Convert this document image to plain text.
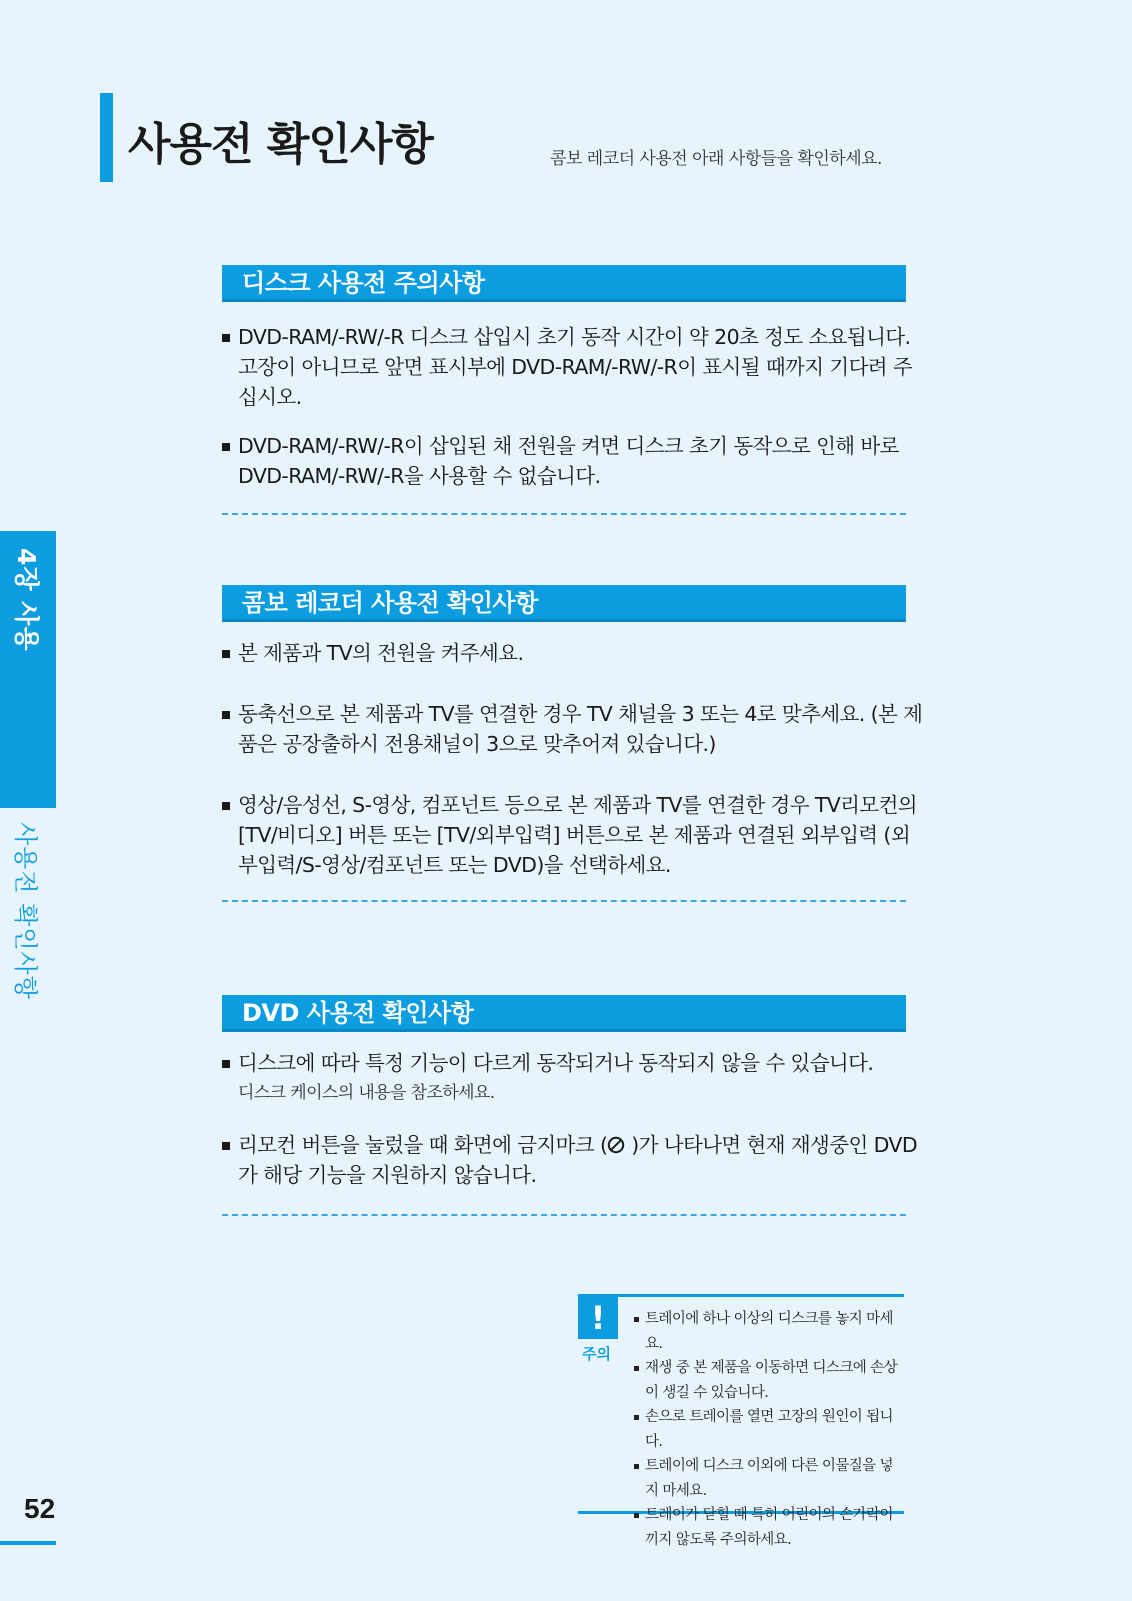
사용전 확인사항	콤보 레코더 사용전 아래 사항들을 확인하세요.
4장 사용
사용전 확인사항
디스크 사용전 주의사항
DVD-RAM/-RW/-R 디스크 삽입시 초기 동작 시간이 약 20초 정도 소요됩니다. 고장이 아니므로 앞면 표시부에 DVD-RAM/-RW/-R이 표시될 때까지 기다려 주십시오.
DVD-RAM/-RW/-R이 삽입된 채 전원을 켜면 디스크 초기 동작으로 인해 바로 DVD-RAM/-RW/-R을 사용할 수 없습니다.
콤보 레코더 사용전 확인사항
본 제품과 TV의 전원을 켜주세요.
동축선으로 본 제품과 TV를 연결한 경우 TV 채널을 3 또는 4로 맞추세요. (본 제품은 공장출하시 전용채널이 3으로 맞추어져 있습니다.)
영상/음성선, S-영상, 컴포넌트 등으로 본 제품과 TV를 연결한 경우 TV리모컨의 [TV/비디오] 버튼 또는 [TV/외부입력] 버튼으로 본 제품과 연결된 외부입력 (외부입력/S-영상/컴포넌트 또는 DVD)을 선택하세요.
DVD 사용전 확인사항
디스크에 따라 특정 기능이 다르게 동작되거나 동작되지 않을 수 있습니다.
디스크 케이스의 내용을 참조하세요.
리모컨 버튼을 눌렀을 때 화면에 금지마크 ( )가 나타나면 현재 재생중인 DVD가 해당 기능을 지원하지 않습니다.
!
주의
트레이에 하나 이상의 디스크를 놓지 마세요.
재생 중 본 제품을 이동하면 디스크에 손상이 생길 수 있습니다.
손으로 트레이를 열면 고장의 원인이 됩니다.
트레이에 디스크 이외에 다른 이물질을 넣지 마세요.
트레이가 닫힐 때 특히 어린이의 손가락이 끼지 않도록 주의하세요.
52
